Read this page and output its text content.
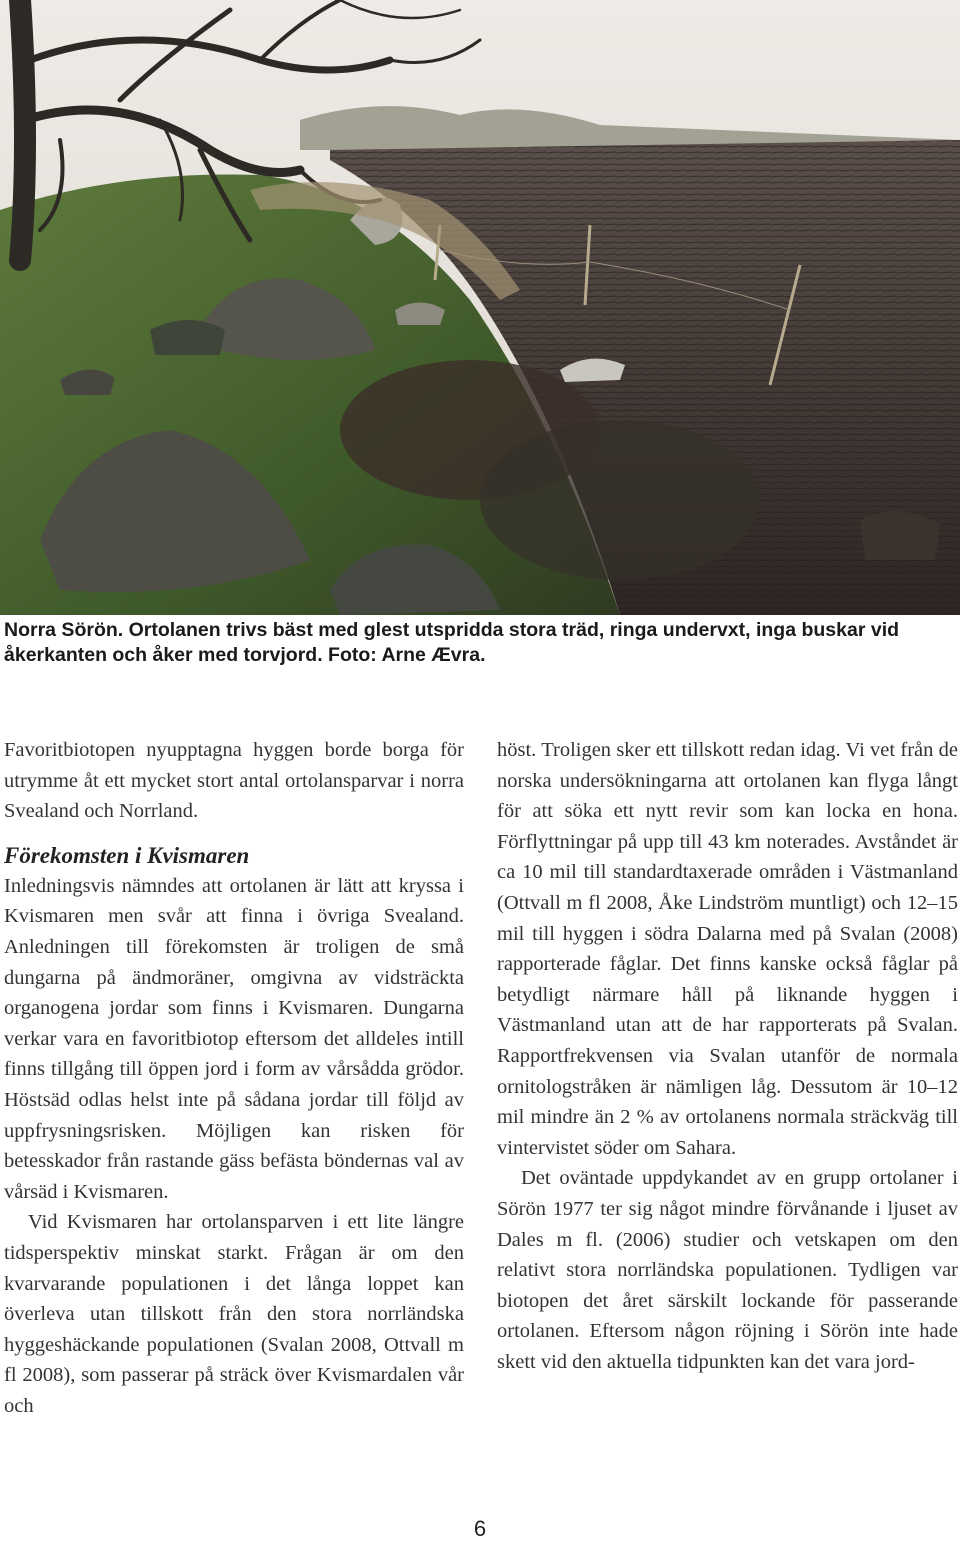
Norra Sörön. Ortolanen trivs bäst med glest utspridda stora träd, ringa undervxt, inga buskar vid åkerkanten och åker med torvjord. Foto: Arne Ævra.

Favoritbiotopen nyupptagna hyggen borde borga för utrymme åt ett mycket stort antal ortolansparvar i norra Svealand och Norrland.

Förekomsten i Kvismaren

Inledningsvis nämndes att ortolanen är lätt att kryssa i Kvismaren men svår att finna i övriga Svealand. Anledningen till förekomsten är troligen de små dungarna på ändmoräner, omgivna av vidsträckta organogena jordar som finns i Kvismaren. Dungarna verkar vara en favoritbiotop eftersom det alldeles intill finns tillgång till öppen jord i form av vårsådda grödor. Höstsäd odlas helst inte på sådana jordar till följd av uppfrysningsrisken. Möjligen kan risken för betesskador från rastande gäss befästa böndernas val av vårsäd i Kvismaren.

Vid Kvismaren har ortolansparven i ett lite längre tidsperspektiv minskat starkt. Frågan är om den kvarvarande populationen i det långa loppet kan överleva utan tillskott från den stora norrländska hyggeshäckande populationen (Svalan 2008, Ottvall m fl 2008), som passerar på sträck över Kvismardalen vår och

höst. Troligen sker ett tillskott redan idag. Vi vet från de norska undersökningarna att ortolanen kan flyga långt för att söka ett nytt revir som kan locka en hona. Förflyttningar på upp till 43 km noterades. Avståndet är ca 10 mil till standardtaxerade områden i Västmanland (Ottvall m fl 2008, Åke Lindström muntligt) och 12–15 mil till hyggen i södra Dalarna med på Svalan (2008) rapporterade fåglar. Det finns kanske också fåglar på betydligt närmare håll på liknande hyggen i Västmanland utan att de har rapporterats på Svalan. Rapportfrekvensen via Svalan utanför de normala ornitologstråken är nämligen låg. Dessutom är 10–12 mil mindre än 2 % av ortolanens normala sträckväg till vintervistet söder om Sahara.

Det oväntade uppdykandet av en grupp ortolaner i Sörön 1977 ter sig något mindre förvånande i ljuset av Dales m fl. (2006) studier och vetskapen om den relativt stora norrländska populationen. Tydligen var biotopen det året särskilt lockande för passerande ortolanen. Eftersom någon röjning i Sörön inte hade skett vid den aktuella tidpunkten kan det vara jord-

6
